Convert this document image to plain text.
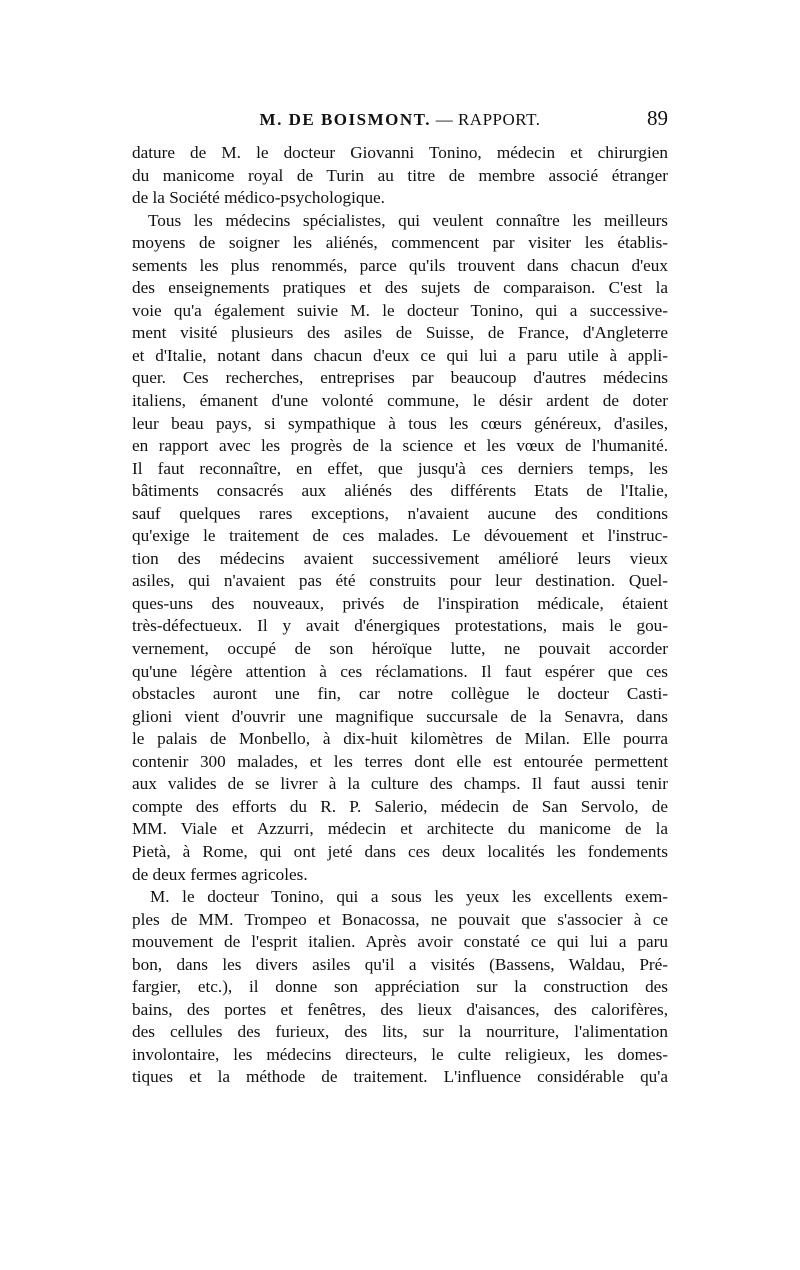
M. DE BOISMONT. — RAPPORT.	89
dature de M. le docteur Giovanni Tonino, médecin et chirurgien
du manicome royal de Turin au titre de membre associé étranger
de la Société médico-psychologique.
Tous les médecins spécialistes, qui veulent connaître les meilleurs
moyens de soigner les aliénés, commencent par visiter les établis-
sements les plus renommés, parce qu'ils trouvent dans chacun d'eux
des enseignements pratiques et des sujets de comparaison. C'est la
voie qu'a également suivie M. le docteur Tonino, qui a successive-
ment visité plusieurs des asiles de Suisse, de France, d'Angleterre
et d'Italie, notant dans chacun d'eux ce qui lui a paru utile à appli-
quer. Ces recherches, entreprises par beaucoup d'autres médecins
italiens, émanent d'une volonté commune, le désir ardent de doter
leur beau pays, si sympathique à tous les cœurs généreux, d'asiles,
en rapport avec les progrès de la science et les vœux de l'humanité.
Il faut reconnaître, en effet, que jusqu'à ces derniers temps, les
bâtiments consacrés aux aliénés des différents Etats de l'Italie,
sauf quelques rares exceptions, n'avaient aucune des conditions
qu'exige le traitement de ces malades. Le dévouement et l'instruc-
tion des médecins avaient successivement amélioré leurs vieux
asiles, qui n'avaient pas été construits pour leur destination. Quel-
ques-uns des nouveaux, privés de l'inspiration médicale, étaient
très-défectueux. Il y avait d'énergiques protestations, mais le gou-
vernement, occupé de son héroïque lutte, ne pouvait accorder
qu'une légère attention à ces réclamations. Il faut espérer que ces
obstacles auront une fin, car notre collègue le docteur Casti-
glioni vient d'ouvrir une magnifique succursale de la Senavra, dans
le palais de Monbello, à dix-huit kilomètres de Milan. Elle pourra
contenir 300 malades, et les terres dont elle est entourée permettent
aux valides de se livrer à la culture des champs. Il faut aussi tenir
compte des efforts du R. P. Salerio, médecin de San Servolo, de
MM. Viale et Azzurri, médecin et architecte du manicome de la
Pietà, à Rome, qui ont jeté dans ces deux localités les fondements
de deux fermes agricoles.
M. le docteur Tonino, qui a sous les yeux les excellents exem-
ples de MM. Trompeo et Bonacossa, ne pouvait que s'associer à ce
mouvement de l'esprit italien. Après avoir constaté ce qui lui a paru
bon, dans les divers asiles qu'il a visités (Bassens, Waldau, Pré-
fargier, etc.), il donne son appréciation sur la construction des
bains, des portes et fenêtres, des lieux d'aisances, des calorifères,
des cellules des furieux, des lits, sur la nourriture, l'alimentation
involontaire, les médecins directeurs, le culte religieux, les domes-
tiques et la méthode de traitement. L'influence considérable qu'a
